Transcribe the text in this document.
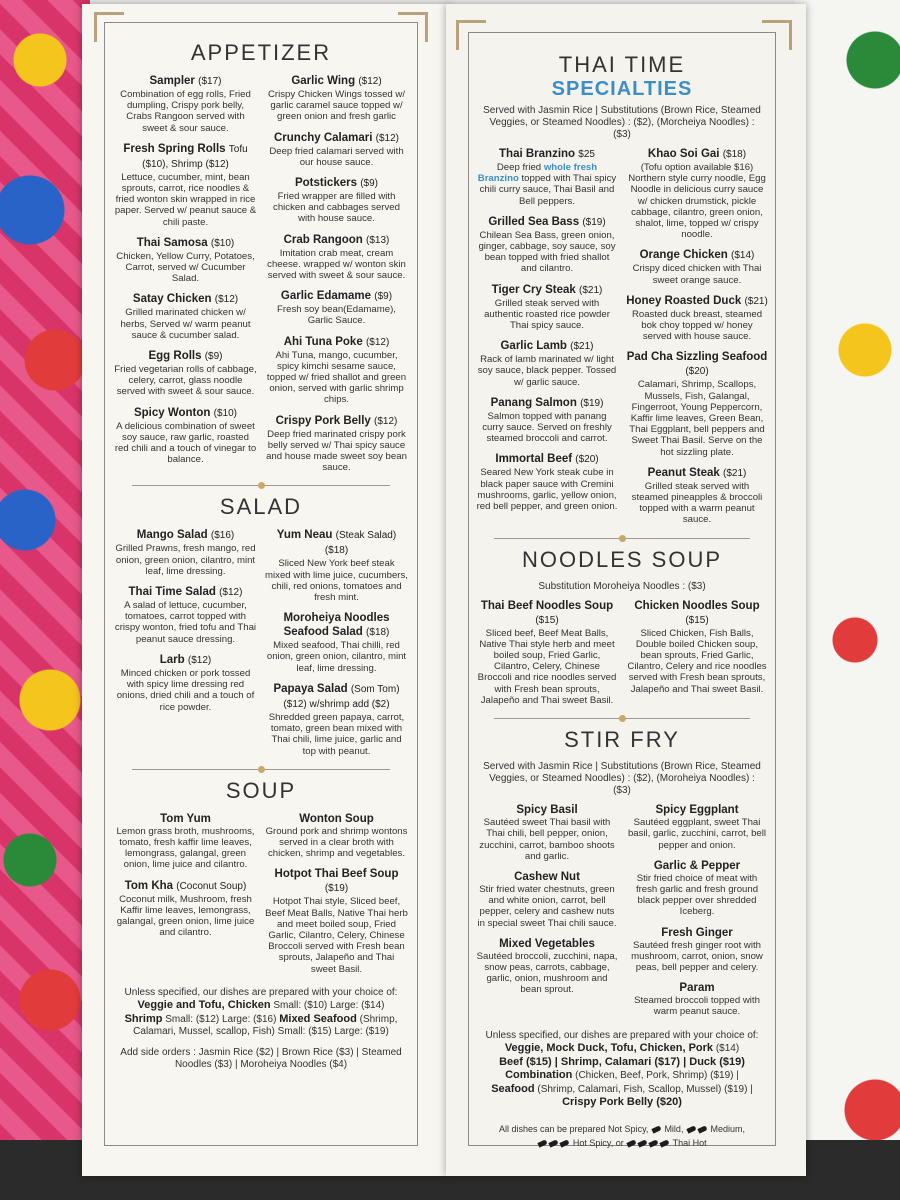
APPETIZER
Sampler ($17)
Combination of egg rolls, Fried dumpling, Crispy pork belly, Crabs Rangoon served with sweet & sour sauce.
Fresh Spring Rolls Tofu ($10), Shrimp ($12)
Lettuce, cucumber, mint, bean sprouts, carrot, rice noodles & fried wonton skin wrapped in rice paper. Served w/ peanut sauce & chili paste.
Thai Samosa ($10)
Chicken, Yellow Curry, Potatoes, Carrot, served w/ Cucumber Salad.
Satay Chicken ($12)
Grilled marinated chicken w/ herbs, Served w/ warm peanut sauce & cucumber salad.
Egg Rolls ($9)
Fried vegetarian rolls of cabbage, celery, carrot, glass noodle served with sweet & sour sauce.
Spicy Wonton ($10)
A delicious combination of sweet soy sauce, raw garlic, roasted red chili and a touch of vinegar to balance.
Garlic Wing ($12)
Crispy Chicken Wings tossed w/ garlic caramel sauce topped w/ green onion and fresh garlic
Crunchy Calamari ($12)
Deep fried calamari served with our house sauce.
Potstickers ($9)
Fried wrapper are filled with chicken and cabbages served with house sauce.
Crab Rangoon ($13)
Imitation crab meat, cream cheese. wrapped w/ wonton skin served with sweet & sour sauce.
Garlic Edamame ($9)
Fresh soy bean(Edamame), Garlic Sauce.
Ahi Tuna Poke ($12)
Ahi Tuna, mango, cucumber, spicy kimchi sesame sauce, topped w/ fried shallot and green onion, served with garlic shrimp chips.
Crispy Pork Belly ($12)
Deep fried marinated crispy pork belly served w/ Thai spicy sauce and house made sweet soy bean sauce.
SALAD
Mango Salad ($16)
Grilled Prawns, fresh mango, red onion, green onion, cilantro, mint leaf, lime dressing.
Thai Time Salad ($12)
A salad of lettuce, cucumber, tomatoes, carrot topped with crispy wonton, fried tofu and Thai peanut sauce dressing.
Larb ($12)
Minced chicken or pork tossed with spicy lime dressing red onions, dried chili and a touch of rice powder.
Yum Neau (Steak Salad) ($18)
Sliced New York beef steak mixed with lime juice, cucumbers, chili, red onions, tomatoes and fresh mint.
Moroheiya Noodles Seafood Salad ($18)
Mixed seafood, Thai chilli, red onion, green onion, cilantro, mint leaf, lime dressing.
Papaya Salad (Som Tom) ($12) w/shrimp add ($2)
Shredded green papaya, carrot, tomato, green bean mixed with Thai chili, lime juice, garlic and top with peanut.
SOUP
Tom Yum
Lemon grass broth, mushrooms, tomato, fresh kaffir lime leaves, lemongrass, galangal, green onion, lime juice and cilantro.
Tom Kha (Coconut Soup)
Coconut milk, Mushroom, fresh Kaffir lime leaves, lemongrass, galangal, green onion, lime juice and cilantro.
Wonton Soup
Ground pork and shrimp wontons served in a clear broth with chicken, shrimp and vegetables.
Hotpot Thai Beef Soup ($19)
Hotpot Thai style, Sliced beef, Beef Meat Balls, Native Thai herb and meet boiled soup, Fried Garlic, Cilantro, Celery, Chinese Broccoli served with Fresh bean sprouts, Jalapeño and Thai sweet Basil.
Unless specified, our dishes are prepared with your choice of:
Veggie and Tofu, Chicken Small: ($10) Large: ($14)
Shrimp Small: ($12) Large: ($16) Mixed Seafood (Shrimp, Calamari, Mussel, scallop, Fish) Small: ($15) Large: ($19)
Add side orders : Jasmin Rice ($2) | Brown Rice ($3) | Steamed Noodles ($3) | Moroheiya Noodles ($4)
THAI TIME
SPECIALTIES
Served with Jasmin Rice | Substitutions (Brown Rice, Steamed Veggies, or Steamed Noodles) : ($2), (Morcheiya Noodles) : ($3)
Thai Branzino $25
Deep fried whole fresh Branzino topped with Thai spicy chili curry sauce, Thai Basil and Bell peppers.
Grilled Sea Bass ($19)
Chilean Sea Bass, green onion, ginger, cabbage, soy sauce, soy bean topped with fried shallot and cilantro.
Tiger Cry Steak ($21)
Grilled steak served with authentic roasted rice powder Thai spicy sauce.
Garlic Lamb ($21)
Rack of lamb marinated w/ light soy sauce, black pepper. Tossed w/ garlic sauce.
Panang Salmon ($19)
Salmon topped with panang curry sauce. Served on freshly steamed broccoli and carrot.
Immortal Beef ($20)
Seared New York steak cube in black paper sauce with Cremini mushrooms, garlic, yellow onion, red bell pepper, and green onion.
Khao Soi Gai ($18)
(Tofu option available $16) Northern style curry noodle, Egg Noodle in delicious curry sauce w/ chicken drumstick, pickle cabbage, cilantro, green onion, shalot, lime, topped w/ crispy noodle.
Orange Chicken ($14)
Crispy diced chicken with Thai sweet orange sauce.
Honey Roasted Duck ($21)
Roasted duck breast, steamed bok choy topped w/ honey served with house sauce.
Pad Cha Sizzling Seafood ($20)
Calamari, Shrimp, Scallops, Mussels, Fish, Galangal, Fingerroot, Young Peppercorn, Kaffir lime leaves, Green Bean, Thai Eggplant, bell peppers and Sweet Thai Basil. Serve on the hot sizzling plate.
Peanut Steak ($21)
Grilled steak served with steamed pineapples & broccoli topped with a warm peanut sauce.
NOODLES SOUP
Substitution Moroheiya Noodles : ($3)
Thai Beef Noodles Soup ($15)
Sliced beef, Beef Meat Balls, Native Thai style herb and meet boiled soup, Fried Garlic, Cilantro, Celery, Chinese Broccoli and rice noodles served with Fresh bean sprouts, Jalapeño and Thai sweet Basil.
Chicken Noodles Soup ($15)
Sliced Chicken, Fish Balls, Double boiled Chicken soup, bean sprouts, Fried Garlic, Cilantro, Celery and rice noodles served with Fresh bean sprouts, Jalapeño and Thai sweet Basil.
STIR FRY
Served with Jasmin Rice | Substitutions (Brown Rice, Steamed Veggies, or Steamed Noodles) : ($2), (Moroheiya Noodles) : ($3)
Spicy Basil
Sautéed sweet Thai basil with Thai chili, bell pepper, onion, zucchini, carrot, bamboo shoots and garlic.
Cashew Nut
Stir fried water chestnuts, green and white onion, carrot, bell pepper, celery and cashew nuts in special sweet Thai chili sauce.
Mixed Vegetables
Sautéed broccoli, zucchini, napa, snow peas, carrots, cabbage, garlic, onion, mushroom and bean sprout.
Spicy Eggplant
Sautéed eggplant, sweet Thai basil, garlic, zucchini, carrot, bell pepper and onion.
Garlic & Pepper
Stir fried choice of meat with fresh garlic and fresh ground black pepper over shredded Iceberg.
Fresh Ginger
Sautéed fresh ginger root with mushroom, carrot, onion, snow peas, bell pepper and celery.
Param
Steamed broccoli topped with warm peanut sauce.
Unless specified, our dishes are prepared with your choice of:
Veggie, Mock Duck, Tofu, Chicken, Pork ($14)
Beef ($15) | Shrimp, Calamari ($17) | Duck ($19)
Combination (Chicken, Beef, Pork, Shrimp) ($19) |
Seafood (Shrimp, Calamari, Fish, Scallop, Mussel) ($19) |
Crispy Pork Belly ($20)
All dishes can be prepared Not Spicy, Mild,	Medium,
Hot Spicy, or	Thai Hot
